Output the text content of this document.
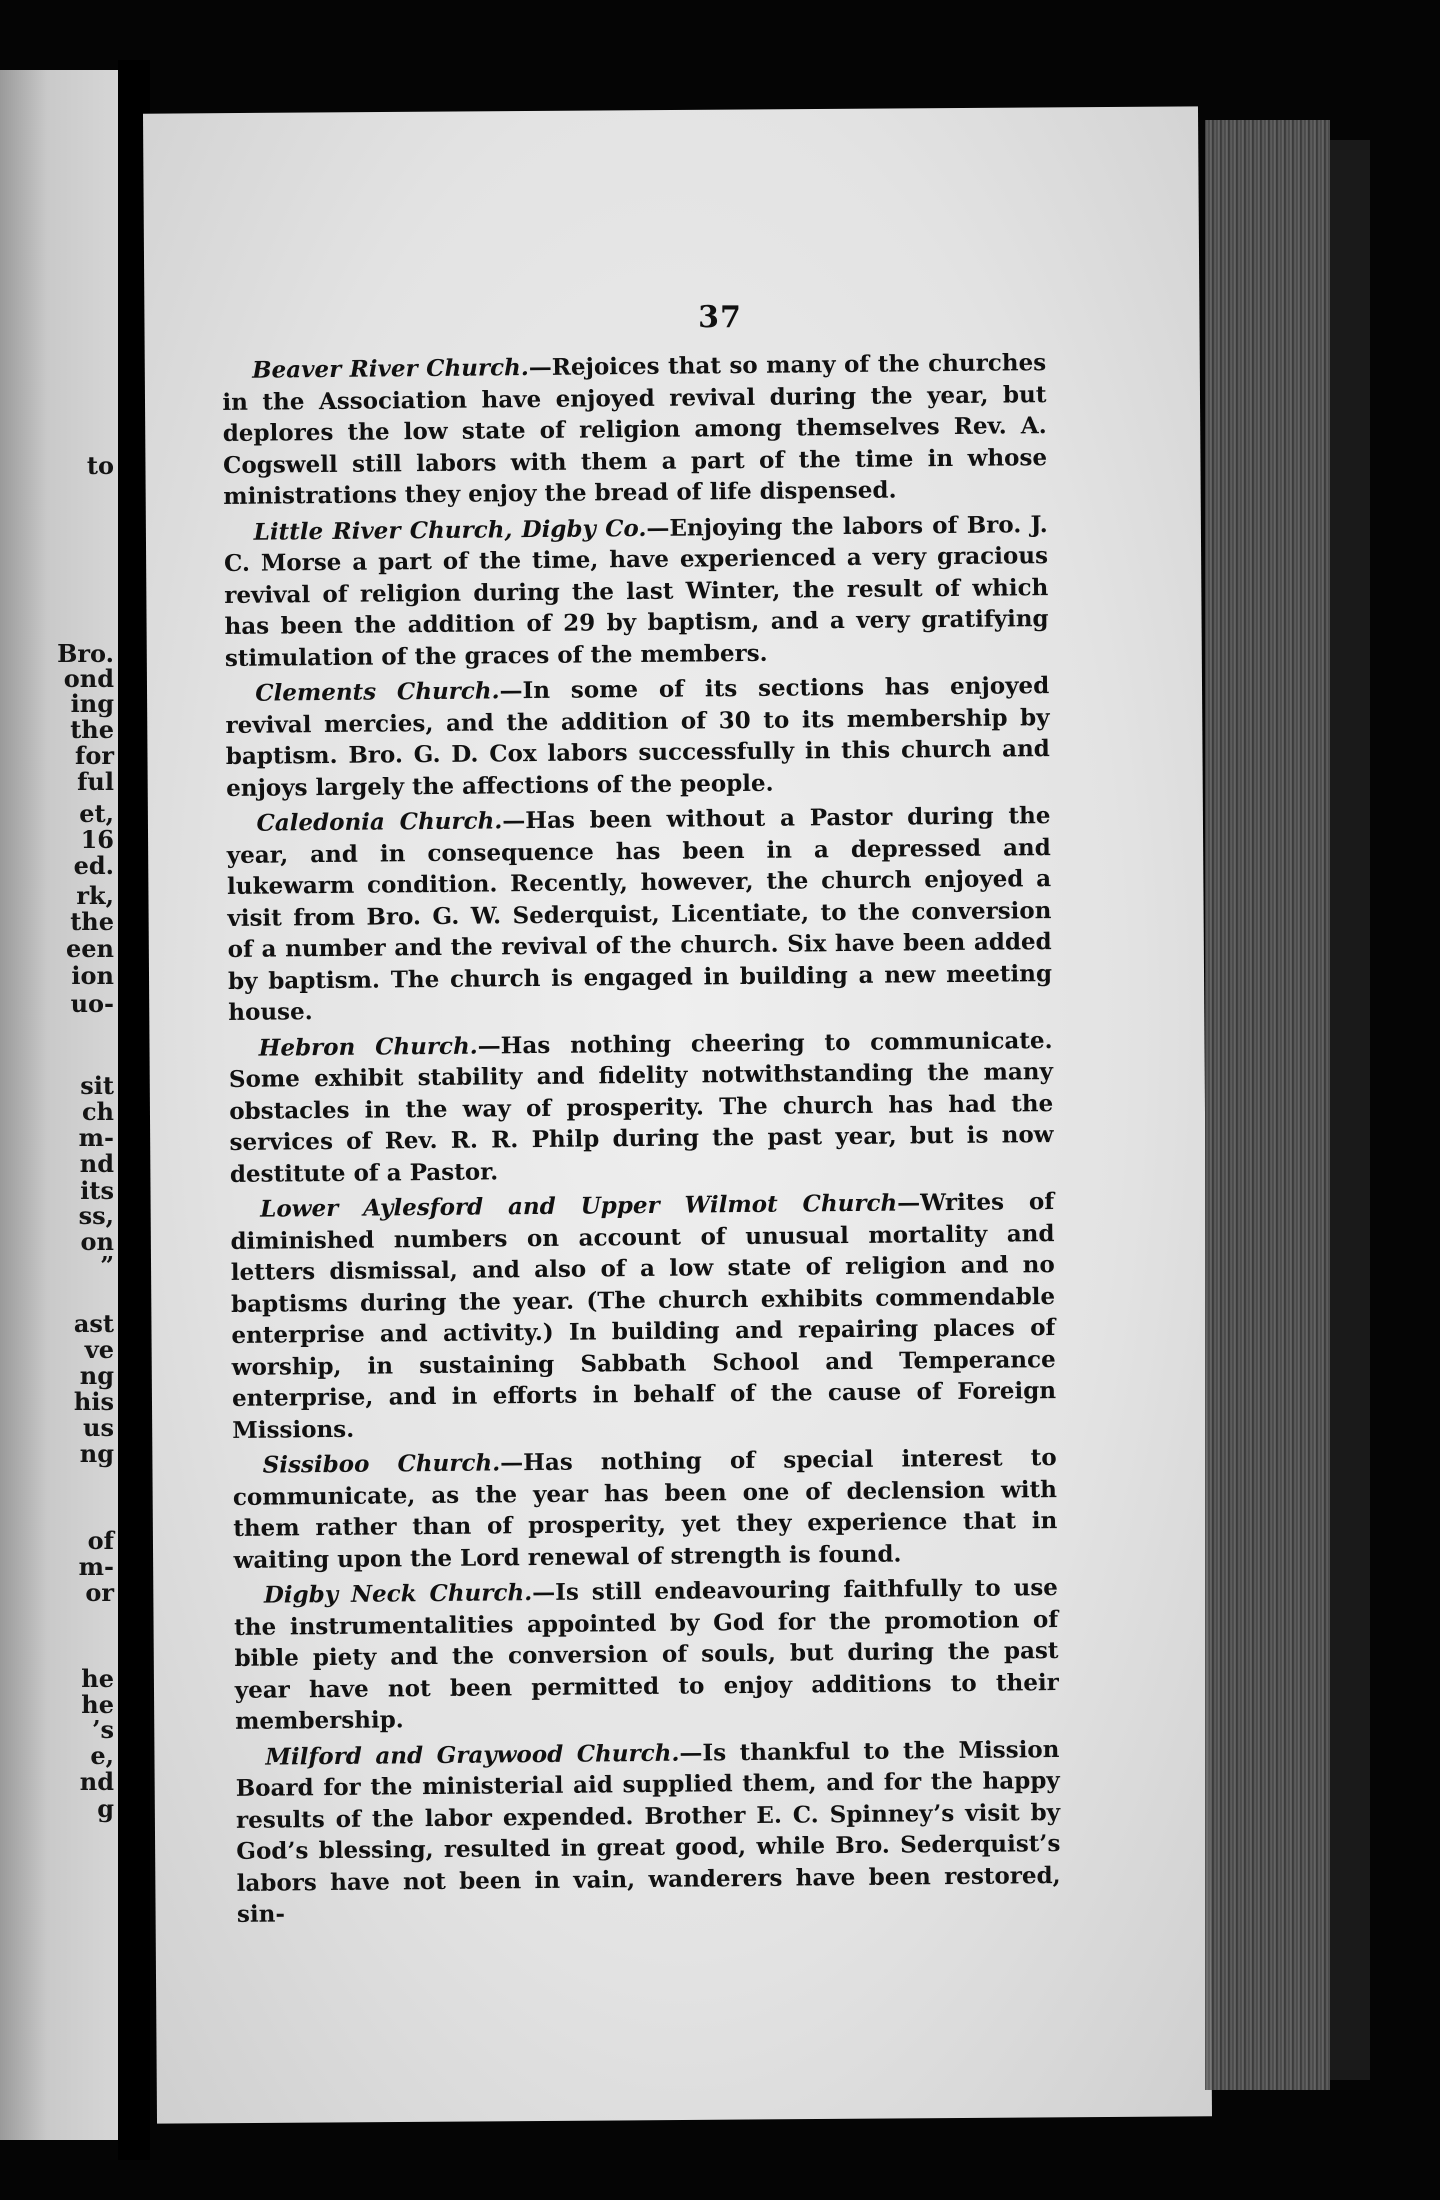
to
Bro.
ond
ing
the
for
ful
et,
16
ed.
rk,
the
een
ion
uo-
sit
ch
m-
nd
its
ss,
on
”
ast
ve
ng
his
us
ng
of
m-
or
he
he
’s
e,
nd
g
37

Beaver River Church.—Rejoices that so many of the churches in the Association have enjoyed revival during the year, but deplores the low state of religion among themselves Rev. A. Cogswell still labors with them a part of the time in whose ministrations they enjoy the bread of life dispensed.

Little River Church, Digby Co.—Enjoying the labors of Bro. J. C. Morse a part of the time, have experienced a very gracious revival of religion during the last Winter, the result of which has been the addition of 29 by baptism, and a very gratifying stimulation of the graces of the members.

Clements Church.—In some of its sections has enjoyed revival mercies, and the addition of 30 to its membership by baptism. Bro. G. D. Cox labors successfully in this church and enjoys largely the affections of the people.

Caledonia Church.—Has been without a Pastor during the year, and in consequence has been in a depressed and lukewarm condition. Recently, however, the church enjoyed a visit from Bro. G. W. Sederquist, Licentiate, to the conversion of a number and the revival of the church. Six have been added by baptism. The church is engaged in building a new meeting house.

Hebron Church.—Has nothing cheering to communicate. Some exhibit stability and fidelity notwithstanding the many obstacles in the way of prosperity. The church has had the services of Rev. R. R. Philp during the past year, but is now destitute of a Pastor.

Lower Aylesford and Upper Wilmot Church—Writes of diminished numbers on account of unusual mortality and letters dismissal, and also of a low state of religion and no baptisms during the year. (The church exhibits commendable enterprise and activity.) In building and repairing places of worship, in sustaining Sabbath School and Temperance enterprise, and in efforts in behalf of the cause of Foreign Missions.

Sissiboo Church.—Has nothing of special interest to communicate, as the year has been one of declension with them rather than of prosperity, yet they experience that in waiting upon the Lord renewal of strength is found.

Digby Neck Church.—Is still endeavouring faithfully to use the instrumentalities appointed by God for the promotion of bible piety and the conversion of souls, but during the past year have not been permitted to enjoy additions to their membership.

Milford and Graywood Church.—Is thankful to the Mission Board for the ministerial aid supplied them, and for the happy results of the labor expended. Brother E. C. Spinney’s visit by God’s blessing, resulted in great good, while Bro. Sederquist’s labors have not been in vain, wanderers have been restored, sin-
